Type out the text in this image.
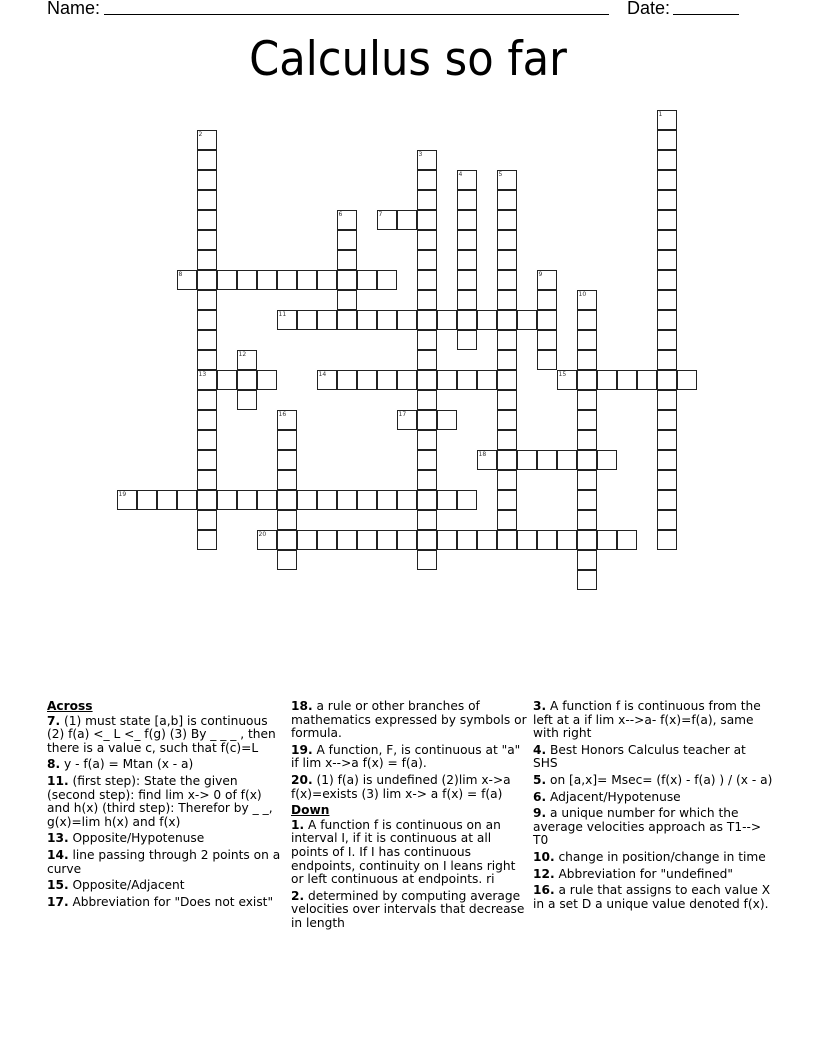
Name:	Date:
Calculus so far
1
2
13
3
4	5
6	7
8	9
10
11
12
14	15
16	17
18
19
20
Across
7. (1) must state [a,b] is continuous (2) f(a) <_ L <_ f(g) (3) By _ _ _ , then there is a value c, such that f(c)=L
8. y - f(a) = Mtan (x - a)
11. (first step): State the given (second step): find lim x-> 0 of f(x) and h(x) (third step): Therefor by _ _, g(x)=lim h(x) and f(x)
13. Opposite/Hypotenuse
14. line passing through 2 points on a curve
15. Opposite/Adjacent
17. Abbreviation for "Does not exist"
18. a rule or other branches of mathematics expressed by symbols or formula.
19. A function, F, is continuous at "a" if lim x-->a f(x) = f(a).
20. (1) f(a) is undefined (2)lim x->a f(x)=exists (3) lim x-> a f(x) = f(a)
Down
1. A function f is continuous on an interval I, if it is continuous at all points of I. If I has continuous endpoints, continuity on I leans right or left continuous at endpoints. ri
2. determined by computing average velocities over intervals that decrease in length
3. A function f is continuous from the left at a if lim x-->a- f(x)=f(a), same with right
4. Best Honors Calculus teacher at SHS
5. on [a,x]= Msec= (f(x) - f(a) ) / (x - a)
6. Adjacent/Hypotenuse
9. a unique number for which the average velocities approach as T1--> T0
10. change in position/change in time
12. Abbreviation for "undefined"
16. a rule that assigns to each value X in a set D a unique value denoted f(x).
